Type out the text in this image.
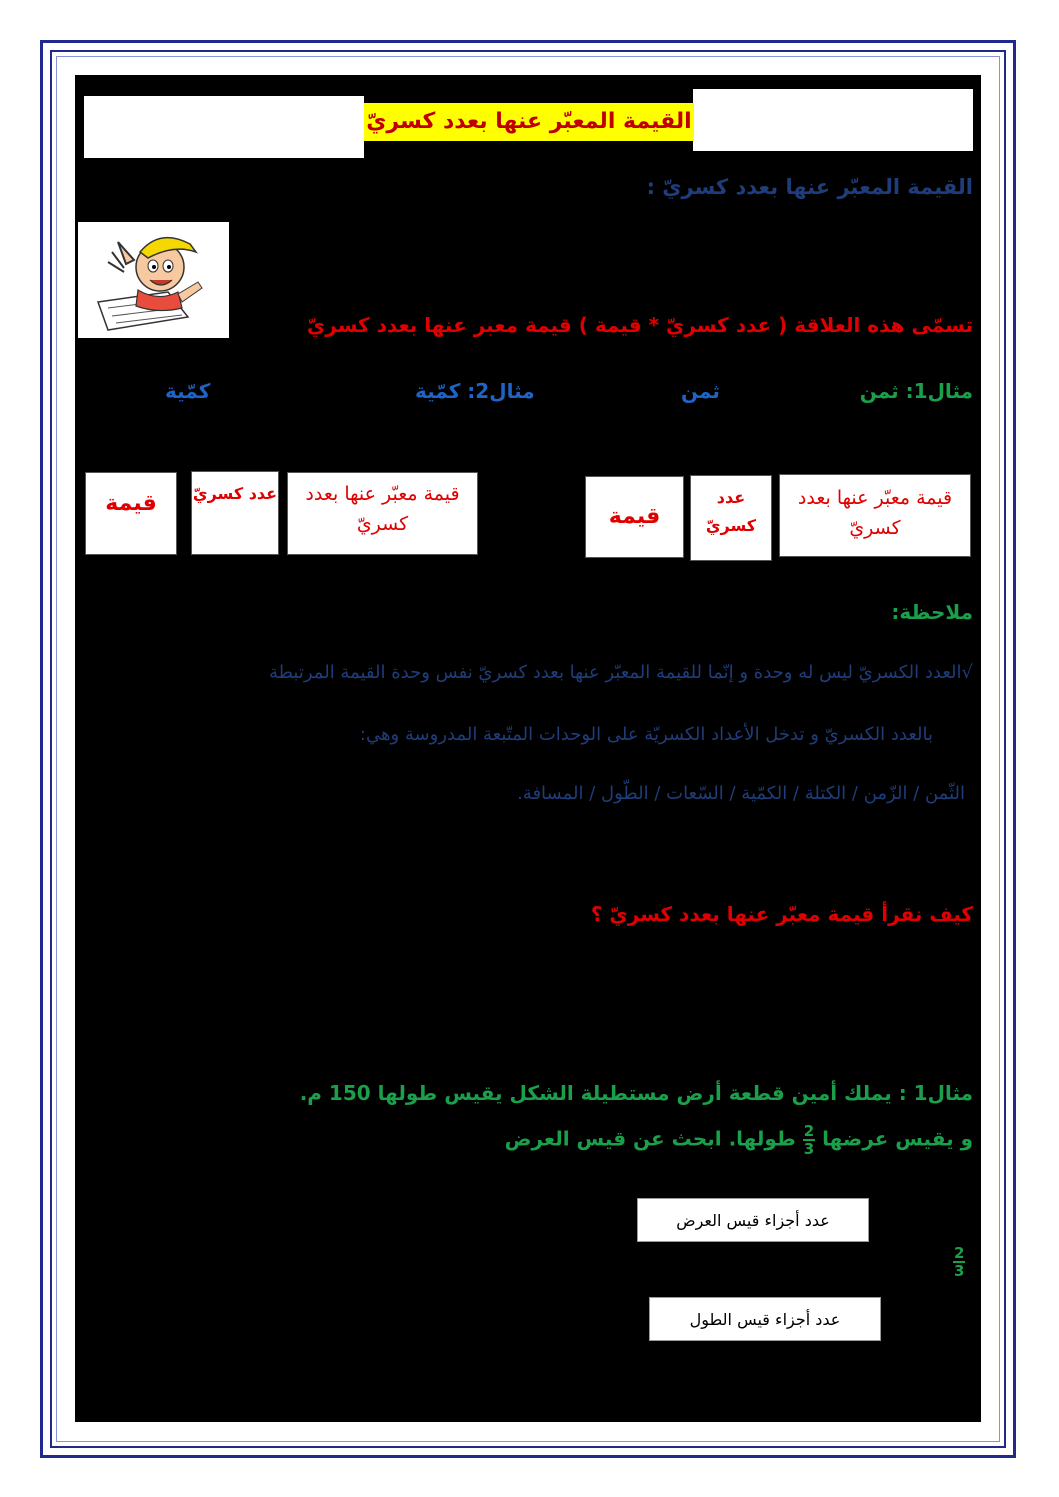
القيمة المعبّر عنها بعدد كسريّ
القيمة المعبّر عنها بعدد كسريّ :
تسمّى هذه العلاقة ( عدد كسريّ * قيمة ) قيمة معبر عنها بعدد كسريّ
مثال1: ثمن
ثمن
مثال2: كمّية
كمّية
قيمة معبّر عنها بعدد كسريّ
عدد كسريّ
قيمة
قيمة معبّر عنها بعدد كسريّ
عدد كسريّ
قيمة
ملاحظة:
√العدد الكسريّ ليس له وحدة و إنّما للقيمة المعبّر عنها بعدد كسريّ نفس وحدة القيمة المرتبطة
بالعدد الكسريّ و تدخل الأعداد الكسريّة على الوحدات المتّبعة المدروسة وهي:
الثّمن / الزّمن / الكتلة / الكمّية / السّعات / الطّول / المسافة.
كيف نقرأ قيمة معبّر عنها بعدد كسريّ ؟
مثال1 : يملك أمين قطعة أرض مستطيلة الشكل يقيس طولها 150 م.
و يقيس عرضها
$\frac{2}{3}$
طولها. ابحث عن قيس العرض
عدد أجزاء قيس العرض
عدد أجزاء قيس الطول
$\frac{2}{3}$
